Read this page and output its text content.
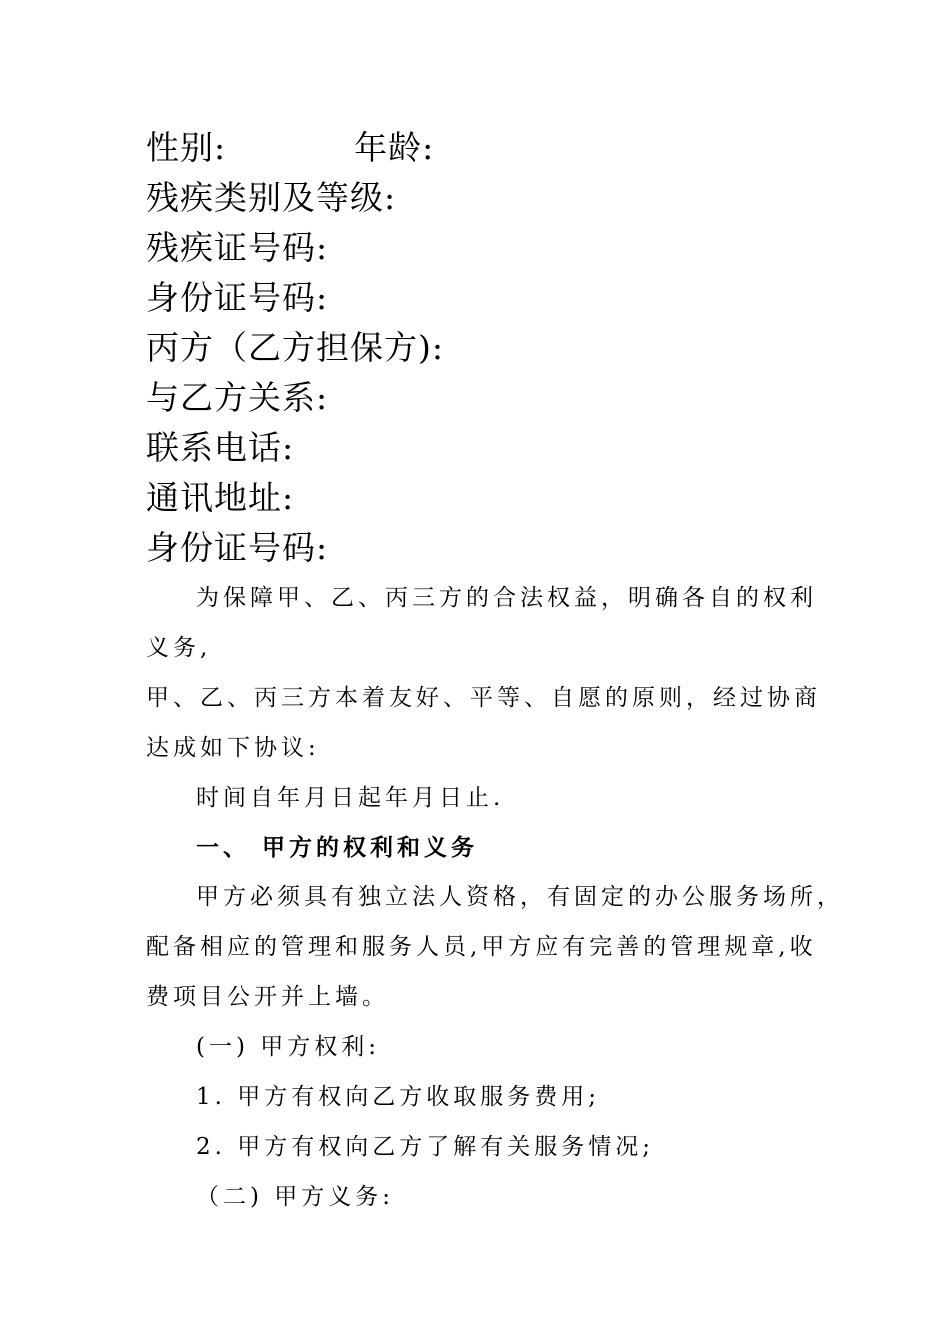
性别:	年龄:
残疾类别及等级:
残疾证号码:
身份证号码:
丙方（乙方担保方):
与乙方关系:
联系电话:
通讯地址:
身份证号码:
为保障甲、乙、丙三方的合法权益，明确各自的权利
义务,
甲、乙、丙三方本着友好、平等、自愿的原则，经过协商
达成如下协议:
时间自年月日起年月日止.
一、 甲方的权利和义务
甲方必须具有独立法人资格，有固定的办公服务场所，
配备相应的管理和服务人员,甲方应有完善的管理规章,收
费项目公开并上墙。
(一) 甲方权利:
1. 甲方有权向乙方收取服务费用;
2. 甲方有权向乙方了解有关服务情况;
（二) 甲方义务:
